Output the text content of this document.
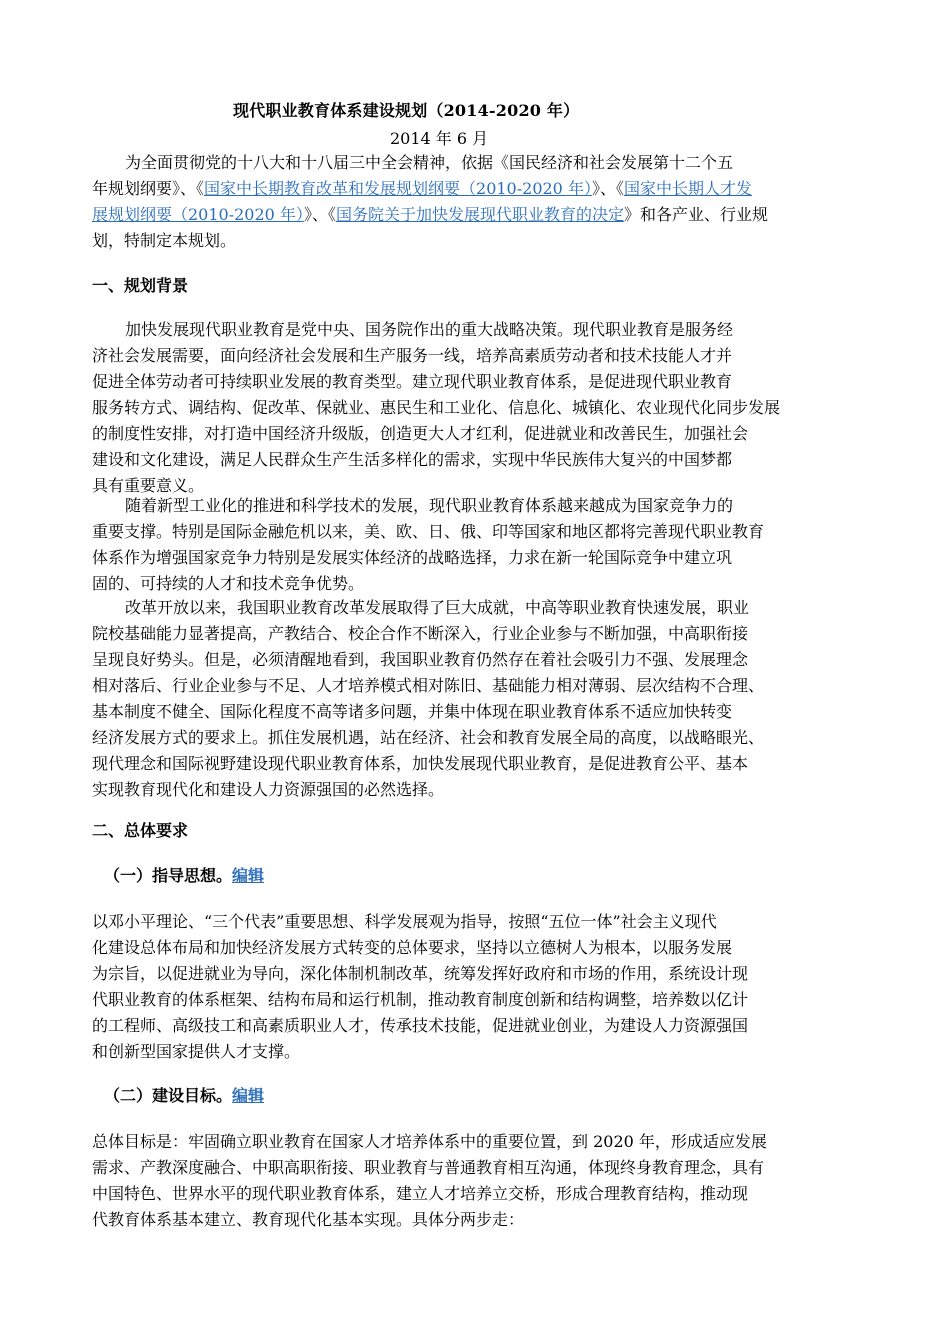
现代职业教育体系建设规划（2014-2020 年）
2014 年 6 月
为全面贯彻党的十八大和十八届三中全会精神，依据《国民经济和社会发展第十二个五
年规划纲要》、《国家中长期教育改革和发展规划纲要（2010-2020 年）》、《国家中长期人才发
展规划纲要（2010-2020 年）》、《国务院关于加快发展现代职业教育的决定》和各产业、行业规
划，特制定本规划。
一、规划背景
加快发展现代职业教育是党中央、国务院作出的重大战略决策。现代职业教育是服务经
济社会发展需要，面向经济社会发展和生产服务一线，培养高素质劳动者和技术技能人才并
促进全体劳动者可持续职业发展的教育类型。建立现代职业教育体系，是促进现代职业教育
服务转方式、调结构、促改革、保就业、惠民生和工业化、信息化、城镇化、农业现代化同步发展
的制度性安排，对打造中国经济升级版，创造更大人才红利，促进就业和改善民生，加强社会
建设和文化建设，满足人民群众生产生活多样化的需求，实现中华民族伟大复兴的中国梦都
具有重要意义。
随着新型工业化的推进和科学技术的发展，现代职业教育体系越来越成为国家竞争力的
重要支撑。特别是国际金融危机以来，美、欧、日、俄、印等国家和地区都将完善现代职业教育
体系作为增强国家竞争力特别是发展实体经济的战略选择，力求在新一轮国际竞争中建立巩
固的、可持续的人才和技术竞争优势。
改革开放以来，我国职业教育改革发展取得了巨大成就，中高等职业教育快速发展，职业
院校基础能力显著提高，产教结合、校企合作不断深入，行业企业参与不断加强，中高职衔接
呈现良好势头。但是，必须清醒地看到，我国职业教育仍然存在着社会吸引力不强、发展理念
相对落后、行业企业参与不足、人才培养模式相对陈旧、基础能力相对薄弱、层次结构不合理、
基本制度不健全、国际化程度不高等诸多问题，并集中体现在职业教育体系不适应加快转变
经济发展方式的要求上。抓住发展机遇，站在经济、社会和教育发展全局的高度，以战略眼光、
现代理念和国际视野建设现代职业教育体系，加快发展现代职业教育，是促进教育公平、基本
实现教育现代化和建设人力资源强国的必然选择。
二、总体要求
（一）指导思想。编辑
以邓小平理论、“三个代表”重要思想、科学发展观为指导，按照“五位一体”社会主义现代
化建设总体布局和加快经济发展方式转变的总体要求，坚持以立德树人为根本，以服务发展
为宗旨，以促进就业为导向，深化体制机制改革，统筹发挥好政府和市场的作用，系统设计现
代职业教育的体系框架、结构布局和运行机制，推动教育制度创新和结构调整，培养数以亿计
的工程师、高级技工和高素质职业人才，传承技术技能，促进就业创业，为建设人力资源强国
和创新型国家提供人才支撑。
（二）建设目标。编辑
总体目标是：牢固确立职业教育在国家人才培养体系中的重要位置，到 2020 年，形成适应发展
需求、产教深度融合、中职高职衔接、职业教育与普通教育相互沟通，体现终身教育理念，具有
中国特色、世界水平的现代职业教育体系，建立人才培养立交桥，形成合理教育结构，推动现
代教育体系基本建立、教育现代化基本实现。具体分两步走：
